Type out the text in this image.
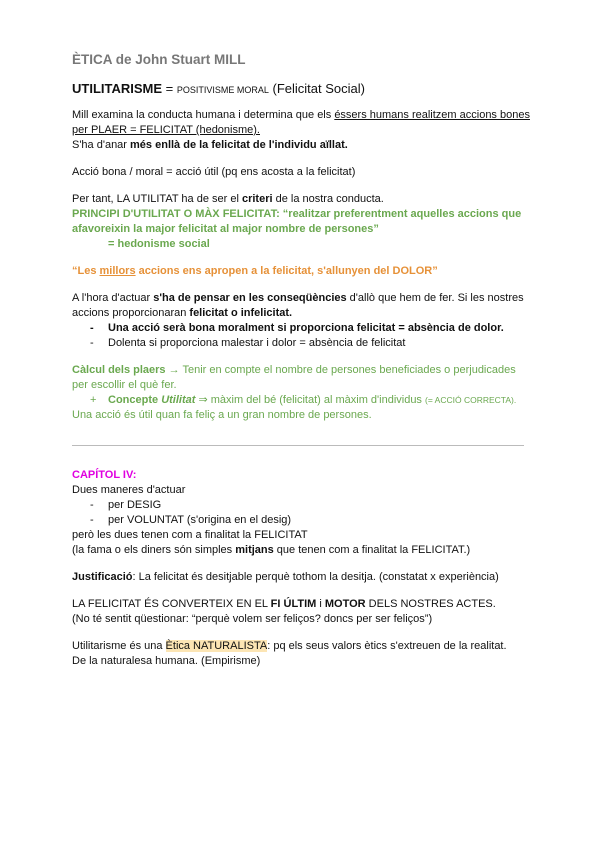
ÈTICA de John Stuart MILL
UTILITARISME = POSITIVISME MORAL (Felicitat Social)

Mill examina la conducta humana i determina que els éssers humans realitzem accions bones per PLAER = FELICITAT (hedonisme).
S'ha d'anar més enllà de la felicitat de l'individu aïllat.

Acció bona / moral = acció útil (pq ens acosta a la felicitat)

Per tant, LA UTILITAT ha de ser el criteri de la nostra conducta.

PRINCIPI D'UTILITAT O MÀX FELICITAT: “realitzar preferentment aquelles accions que afavoreixin la major felicitat al major nombre de persones”

= hedonisme social

“Les millors accions ens apropen a la felicitat, s'allunyen del DOLOR”

A l'hora d'actuar s'ha de pensar en les conseqüències d'allò que hem de fer. Si les nostres accions proporcionaran felicitat o infelicitat.

- Una acció serà bona moralment si proporciona felicitat = absència de dolor.
- Dolenta si proporciona malestar i dolor = absència de felicitat

Càlcul dels plaers → Tenir en compte el nombre de persones beneficiades o perjudicades per escollir el què fer.

+ Concepte Utilitat ⇒ màxim del bé (felicitat) al màxim d'individus (= ACCIÓ CORRECTA).

Una acció és útil quan fa feliç a un gran nombre de persones.

CAPÍTOL IV:

Dues maneres d'actuar

- per DESIG
- per VOLUNTAT (s'origina en el desig)

però les dues tenen com a finalitat la FELICITAT

(la fama o els diners són simples mitjans que tenen com a finalitat la FELICITAT.)

Justificació: La felicitat és desitjable perquè tothom la desitja. (constatat x experiència)

LA FELICITAT ÉS CONVERTEIX EN EL FI ÚLTIM i MOTOR DELS NOSTRES ACTES.

(No té sentit qüestionar: “perquè volem ser feliços? doncs per ser feliços”)

Utilitarisme és una Ètica NATURALISTA: pq els seus valors ètics s'extreuen de la realitat.

De la naturalesa humana. (Empirisme)
